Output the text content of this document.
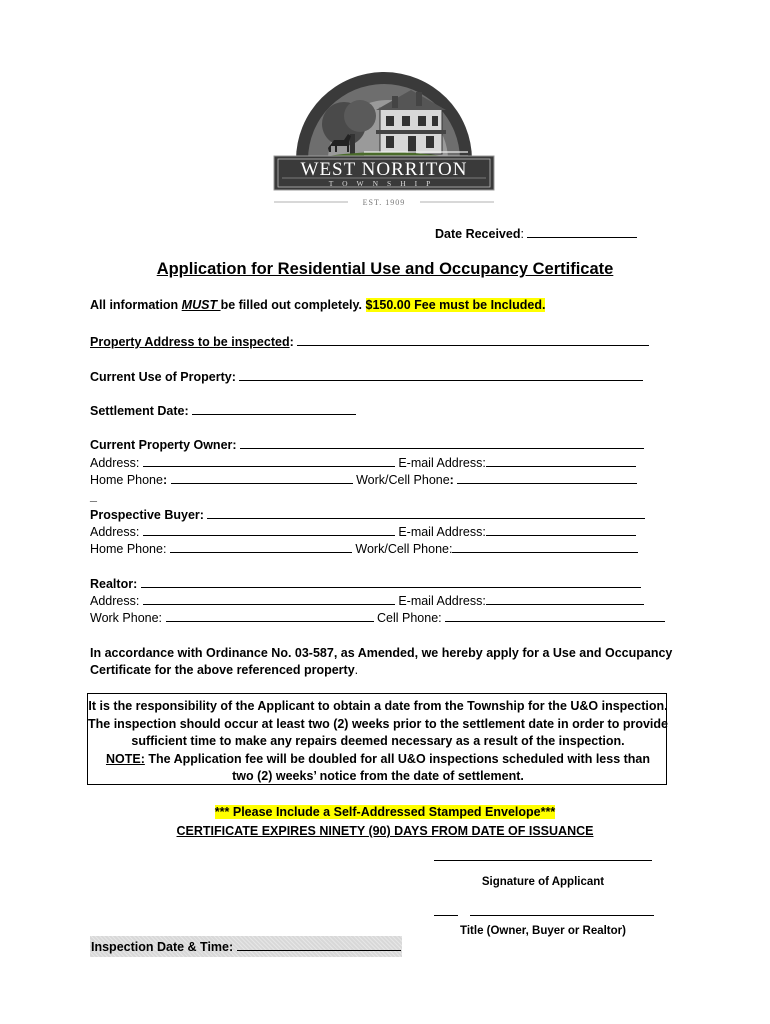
WEST NORRITON
TOWNSHIP
EST. 1909
Date Received:
Application for Residential Use and Occupancy Certificate
All information MUST be filled out completely. $150.00 Fee must be Included.
Property Address to be inspected:
Current Use of Property:
Settlement Date:
Current Property Owner:
Address:	E-mail Address:
Home Phone:	Work/Cell Phone:
_
Prospective Buyer:
Address:	E-mail Address:
Home Phone:	Work/Cell Phone:
Realtor:
Address:	E-mail Address:
Work Phone:	Cell Phone:
In accordance with Ordinance No. 03-587, as Amended, we hereby apply for a Use and Occupancy
Certificate for the above referenced property.
It is the responsibility of the Applicant to obtain a date from the Township for the U&O inspection.
The inspection should occur at least two (2) weeks prior to the settlement date in order to provide
sufficient time to make any repairs deemed necessary as a result of the inspection.
NOTE: The Application fee will be doubled for all U&O inspections scheduled with less than
two (2) weeks’ notice from the date of settlement.
*** Please Include a Self-Addressed Stamped Envelope***
CERTIFICATE EXPIRES NINETY (90) DAYS FROM DATE OF ISSUANCE
Signature of Applicant
Title (Owner, Buyer or Realtor)
Inspection Date & Time:
